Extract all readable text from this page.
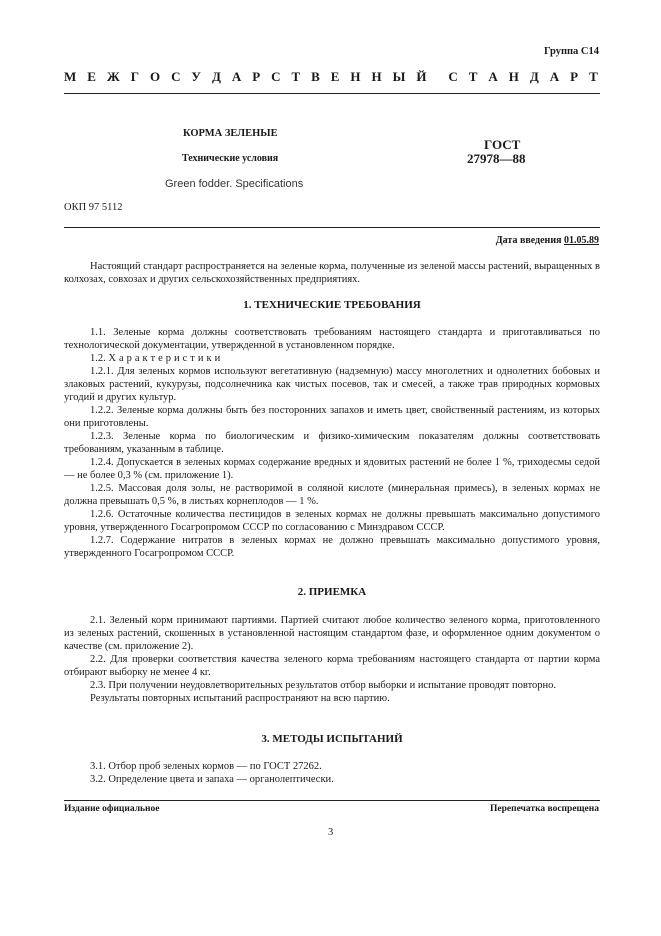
Группа С14
М Е Ж Г О С У Д А Р С Т В Е Н Н Ы Й С Т А Н Д А Р Т
КОРМА ЗЕЛЕНЫЕ
Технические условия
Green fodder. Specifications
ГОСТ
27978—88
ОКП 97 5112
Дата введения 01.05.89

Настоящий стандарт распространяется на зеленые корма, полученные из зеленой массы растений, выращенных в колхозах, совхозах и других сельскохозяйственных предприятиях.

1. ТЕХНИЧЕСКИЕ ТРЕБОВАНИЯ

1.1. Зеленые корма должны соответствовать требованиям настоящего стандарта и приготавливаться по технологической документации, утвержденной в установленном порядке.

1.2. Характеристики

1.2.1. Для зеленых кормов используют вегетативную (надземную) массу многолетних и однолетних бобовых и злаковых растений, кукурузы, подсолнечника как чистых посевов, так и смесей, а также трав природных кормовых угодий и других культур.

1.2.2. Зеленые корма должны быть без посторонних запахов и иметь цвет, свойственный растениям, из которых они приготовлены.

1.2.3. Зеленые корма по биологическим и физико-химическим показателям должны соответствовать требованиям, указанным в таблице.

1.2.4. Допускается в зеленых кормах содержание вредных и ядовитых растений не более 1 %, триходесмы седой — не более 0,3 % (см. приложение 1).

1.2.5. Массовая доля золы, не растворимой в соляной кислоте (минеральная примесь), в зеленых кормах не должна превышать 0,5 %, в листьях корнеплодов — 1 %.

1.2.6. Остаточные количества пестицидов в зеленых кормах не должны превышать максимально допустимого уровня, утвержденного Госагропромом СССР по согласованию с Минздравом СССР.

1.2.7. Содержание нитратов в зеленых кормах не должно превышать максимально допустимого уровня, утвержденного Госагропромом СССР.

2. ПРИЕМКА

2.1. Зеленый корм принимают партиями. Партией считают любое количество зеленого корма, приготовленного из зеленых растений, скошенных в установленной настоящим стандартом фазе, и оформленное одним документом о качестве (см. приложение 2).

2.2. Для проверки соответствия качества зеленого корма требованиям настоящего стандарта от партии корма отбирают выборку не менее 4 кг.

2.3. При получении неудовлетворительных результатов отбор выборки и испытание проводят повторно.

Результаты повторных испытаний распространяют на всю партию.

3. МЕТОДЫ ИСПЫТАНИЙ

3.1. Отбор проб зеленых кормов — по ГОСТ 27262.

3.2. Определение цвета и запаха — органолептически.

Издание официальное	Перепечатка воспрещена
3
